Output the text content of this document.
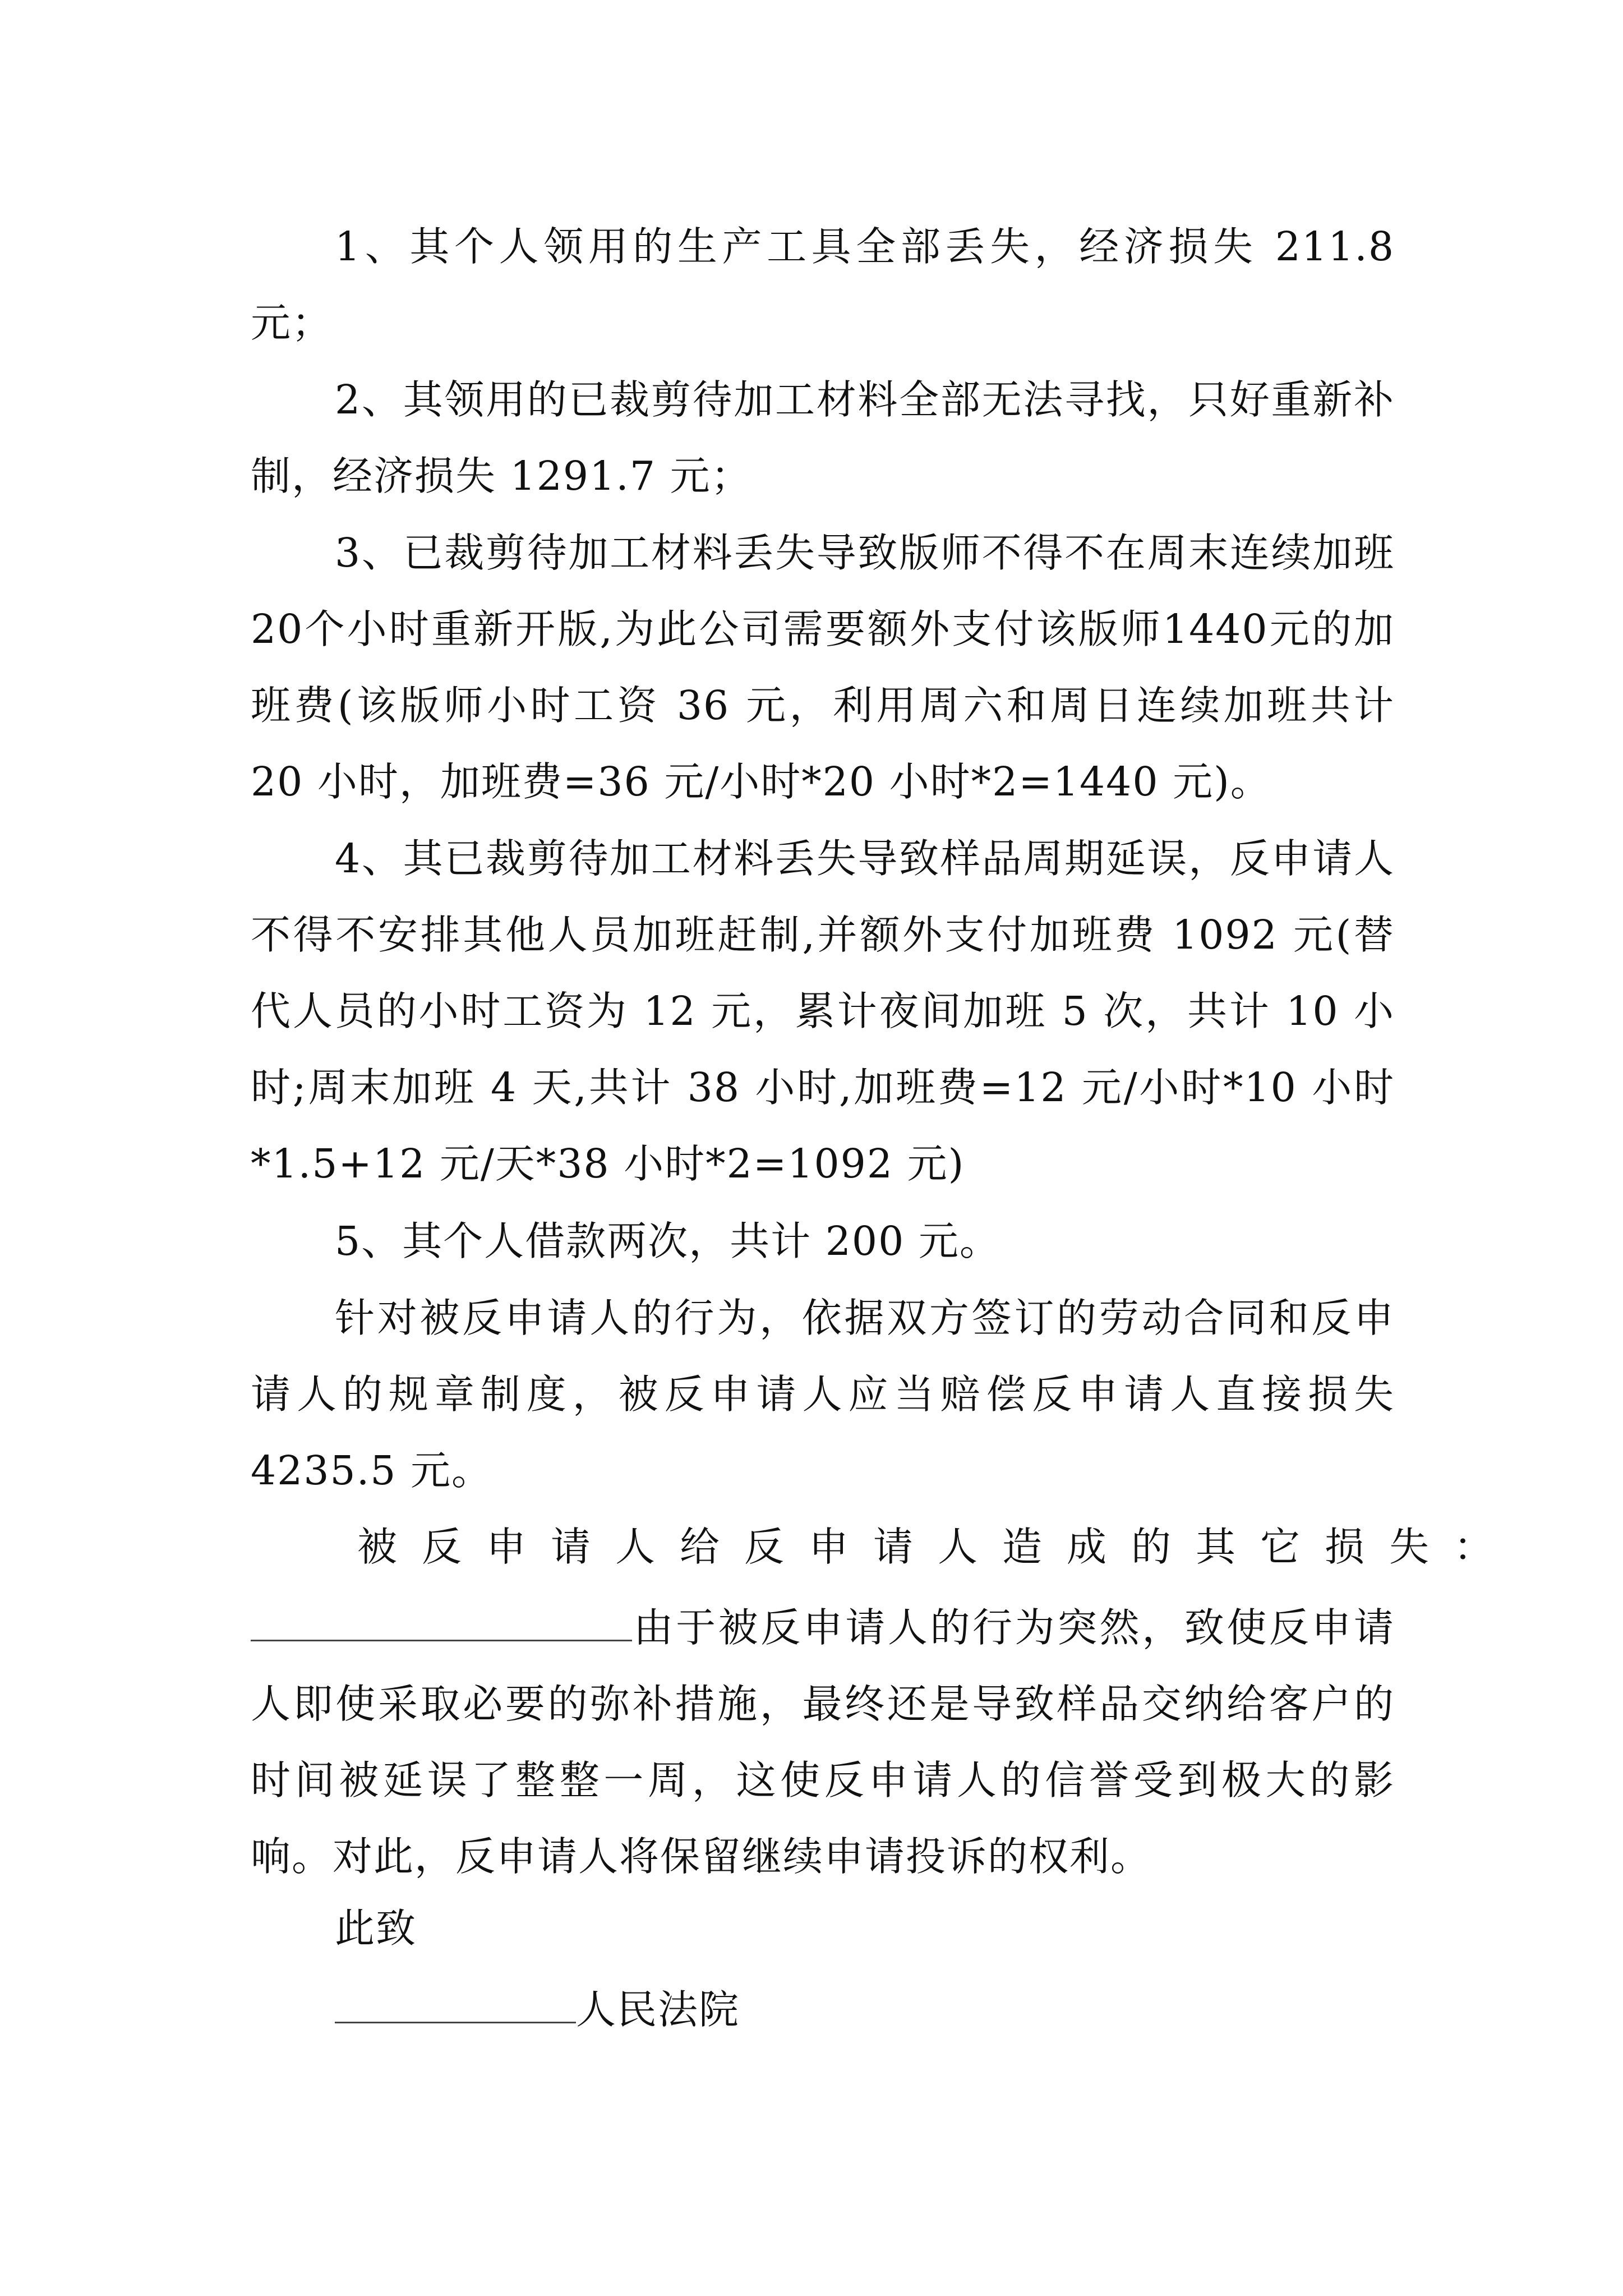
1、其个人领用的生产工具全部丢失，经济损失 211.8 元；

2、其领用的已裁剪待加工材料全部无法寻找，只好重新补制，经济损失 1291.7 元；

3、已裁剪待加工材料丢失导致版师不得不在周末连续加班20个小时重新开版,为此公司需要额外支付该版师1440元的加班费(该版师小时工资 36 元，利用周六和周日连续加班共计 20 小时，加班费=36 元/小时*20 小时*2=1440 元)。

4、其已裁剪待加工材料丢失导致样品周期延误，反申请人不得不安排其他人员加班赶制,并额外支付加班费 1092 元(替代人员的小时工资为 12 元，累计夜间加班 5 次，共计 10 小时;周末加班 4 天,共计 38 小时,加班费=12 元/小时*10 小时*1.5+12 元/天*38 小时*2=1092 元)

5、其个人借款两次，共计 200 元。

针对被反申请人的行为，依据双方签订的劳动合同和反申请人的规章制度，被反申请人应当赔偿反申请人直接损失 4235.5 元。

被反申请人给反申请人造成的其它损失：

由于被反申请人的行为突然，致使反申请人即使采取必要的弥补措施，最终还是导致样品交纳给客户的时间被延误了整整一周，这使反申请人的信誉受到极大的影响。对此，反申请人将保留继续申请投诉的权利。

此致

人民法院
